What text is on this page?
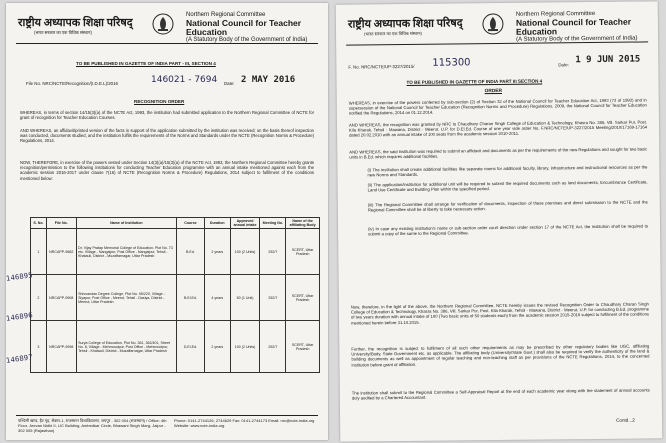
राष्ट्रीय अध्यापक शिक्षा परिषद्
(भारत सरकार का एक विधिक संस्थान)
Northern Regional Committee
National Council for Teacher Education
(A Statutory Body of the Government of India)
TO BE PUBLISHED IN GAZETTE OF INDIA PART - III, SECTION 4
File No. NRC/NCTE/Recognition/(I.D.E.L)/2016	146021 - 7694 Date: 2 MAY 2016
RECOGNITION ORDER
WHEREAS, in terms of section 14/15(3)(a) of the NCTE Act, 1993, the institution had submitted application to the Northern Regional Committee of NCTE for grant of recognition for Teacher Education Courses.
AND WHEREAS, an affidavit/printed version of the facts in support of the application submitted by the institution was received; on the basis thereof inspection was conducted, documents studied, and the institution fulfils the requirements of the Norms and Standards under the NCTE (Recognition Norms & Procedure) Regulations, 2014.
NOW, THEREFORE, in exercise of the powers vested under Section 14(3)(a)/15(3)(a) of the NCTE Act, 1993, the Northern Regional Committee hereby grants recognition/permission to the following institutions for conducting Teacher Education programme with an annual intake mentioned against each from the academic session 2016-2017 under clause 7(16) of NCTE (Recognition Norms & Procedure) Regulations, 2014 subject to fulfilment of the conditions mentioned below:
S. No.	File No.	Name of Institution	Course	Duration	Approved annual intake	Meeting No.	Name of the affiliating Body
1	NRCAPP-9682	Dr. Vijay Pratap Memorial College of Education, Plot No. 73 etc. Village - Nangalpur, Post Office - Nangalpur, Tehsil - Khatauli, District - Muzaffarnagar, Uttar Pradesh	B.Ed.	2 years	100 (2 Units)	252/7	SCERT, Uttar Pradesh
2	NRCAPP-9908	Shivnandan Degree College, Plot No. 95/220, Village - Siyapur, Post Office - Meerut, Tehsil - Dasiya, District - Meerut, Uttar Pradesh	B.El.Ed.	4 years	50 (1 Unit)	252/7	SCERT, Uttar Pradesh
3	NRCAPP-9998	Surya College of Education, Plot No. 361, 362/401, Street No. 8, Village - Mehmoodpur, Post Office - Mehmoodpur, Tehsil - Khatauli, District - Muzaffarnagar, Uttar Pradesh	D.El.Ed.	2 years	100 (2 Units)	252/7	SCERT, Uttar Pradesh
146895
146896
146897
पश्चिमी खण्ड, हैट गृह, सेक्टर-1, राजस्थान विश्वविद्यालय, जयपुर - 302 004 (राजस्थान) / Office: 4th Floor, Jeevan Nidhi II, LIC Building, Ambedkar Circle, Bhawani Singh Marg, Jaipur - 302 005 (Rajasthan)
Phone: 0141-2744126, 2744629 Fax: 0141-2744173 Email: nrc@ncte-india.org Website: www.ncte-india.org
राष्ट्रीय अध्यापक शिक्षा परिषद्
(भारत सरकार का एक विधिक संस्थान)
Northern Regional Committee
National Council for Teacher Education
(A Statutory Body of the Government of India)
F. No. NRC/NCTE/UP-3227/2015/ 115300	Date: 1 9 JUN 2015
TO BE PUBLISHED IN GAZETTE OF INDIA PART III SECTION 4
ORDER
WHEREAS, in exercise of the powers conferred by sub-section (2) of Section 32 of the National Council for Teacher Education Act, 1993 (73 of 1993) and in supersession of the National Council for Teacher Education (Recognition Norms and Procedure) Regulations, 2009, the National Council for Teacher Education notified the Regulations, 2014 on 01.12.2014.
AND WHEREAS, the recognition was granted by NRC to Chaudhary Charan Singh College of Education & Technology, Khasra No. 386, Vill. Sarkar Pur, Post. Kila Kharak, Tehsil - Mawana, District - Meerut, U.P. for D.El.Ed. Course of one year vide order No. F.NRC/NCTE/UP-3227/2015 Meeting/2010/17169-17164 dated 20.02.2010 with an annual intake of 100 seats from the academic session 2010-2011.
AND WHEREAS, the said institution was required to submit an affidavit and documents as per the requirements of the new Regulations and sought for two basic units in B.Ed. which requires additional facilities.
(i) The institution shall create additional facilities like separate rooms for additional faculty, library, infrastructure and instructional resources as per the new Norms and Standards.
(ii) The application/institution for additional unit will be required to submit the required documents such as land documents, Encumbrance Certificate, Land Use Certificate and Building Plan within the specified period.
(iii) The Regional Committee shall arrange for verification of documents, inspection of these premises and direct submission to the NCTE and the Regional Committee shall be at liberty to take necessary action.
(iv) In case any existing institution's name or sub-section order court direction under section 17 of the NCTE Act, the institution shall be required to submit a copy of the same to the Regional Committee.
Now, therefore, in the light of the above, the Northern Regional Committee, NCTE hereby issues the revised Recognition Order to Chaudhary Charan Singh College of Education & Technology, Khasra No. 386, Vill. Sarkar Pur, Post. Kila Kharak, Tehsil - Mawana, District - Meerut, U.P. for conducting B.Ed. programme of two years duration with annual intake of 100 (Two basic units of 50 students each) from the academic session 2015-2016 subject to fulfilment of the conditions mentioned herein before 31.10.2015.
Further, the recognition is subject to fulfilment of all such other requirements as may be prescribed by other regulatory bodies like UGC, affiliating University/Body, State Government etc. as applicable. The affiliating body (University/State Govt.) shall also be required to verify the authenticity of the land & building documents as well as appointment of regular teaching and non-teaching staff as per provisions of the NCTE Regulations, 2014, to the concerned institution before grant of affiliation.
The institution shall submit to the Regional Committee a Self-Appraisal Report at the end of each academic year along with the statement of annual accounts duly audited by a Chartered Accountant.
Contd...2
